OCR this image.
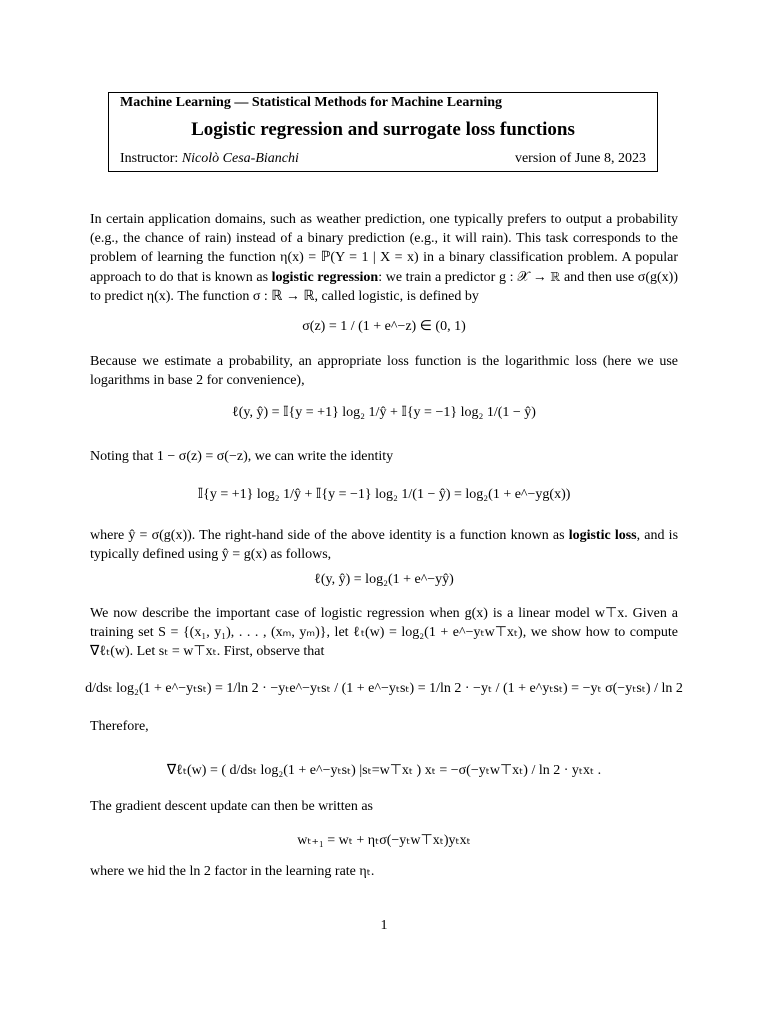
Machine Learning — Statistical Methods for Machine Learning
Logistic regression and surrogate loss functions
Instructor: Nicolò Cesa-Bianchi	version of June 8, 2023
In certain application domains, such as weather prediction, one typically prefers to output a probability (e.g., the chance of rain) instead of a binary prediction (e.g., it will rain). This task corresponds to the problem of learning the function η(x) = ℙ(Y = 1 | X = x) in a binary classification problem. A popular approach to do that is known as logistic regression: we train a predictor g : 𝒳 → ℝ and then use σ(g(x)) to predict η(x). The function σ : ℝ → ℝ, called logistic, is defined by
σ(z) = 1 / (1 + e^−z) ∈ (0, 1)
Because we estimate a probability, an appropriate loss function is the logarithmic loss (here we use logarithms in base 2 for convenience),
ℓ(y, ŷ) = 𝕀{y = +1} log₂ 1/ŷ + 𝕀{y = −1} log₂ 1/(1 − ŷ)
Noting that 1 − σ(z) = σ(−z), we can write the identity
𝕀{y = +1} log₂ 1/ŷ + 𝕀{y = −1} log₂ 1/(1 − ŷ) = log₂(1 + e^−yg(x))
where ŷ = σ(g(x)). The right-hand side of the above identity is a function known as logistic loss, and is typically defined using ŷ = g(x) as follows,
ℓ(y, ŷ) = log₂(1 + e^−yŷ)
We now describe the important case of logistic regression when g(x) is a linear model w⊤x. Given a training set S = {(x₁, y₁), . . . , (xₘ, yₘ)}, let ℓₜ(w) = log₂(1 + e^−yₜw⊤xₜ), we show how to compute ∇ℓₜ(w). Let sₜ = w⊤xₜ. First, observe that
d/dsₜ log₂(1 + e^−yₜsₜ) = 1/ln 2 · −yₜe^−yₜsₜ / (1 + e^−yₜsₜ) = 1/ln 2 · −yₜ / (1 + e^yₜsₜ) = −yₜ σ(−yₜsₜ) / ln 2
Therefore,
∇ℓₜ(w) = ( d/dsₜ log₂(1 + e^−yₜsₜ) |sₜ=w⊤xₜ ) xₜ = −σ(−yₜw⊤xₜ) / ln 2 · yₜxₜ .
The gradient descent update can then be written as
wₜ₊₁ = wₜ + ηₜσ(−yₜw⊤xₜ)yₜxₜ
where we hid the ln 2 factor in the learning rate ηₜ.
1
